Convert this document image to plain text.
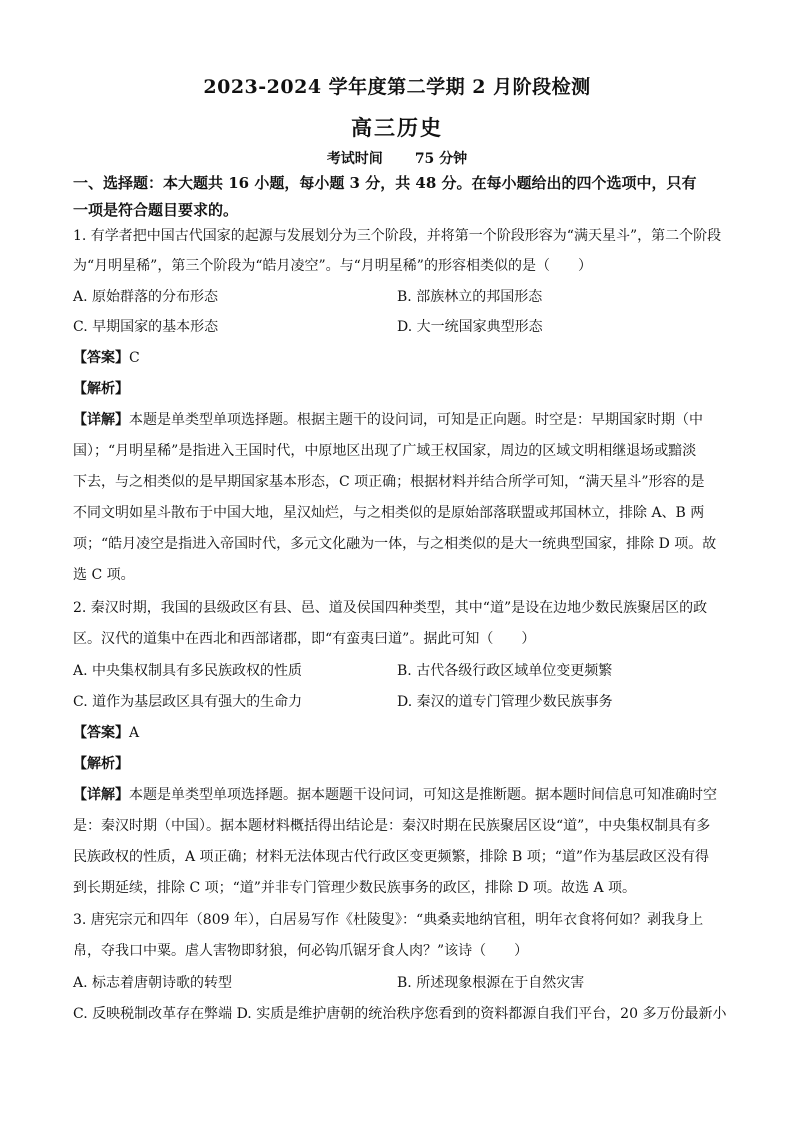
2023-2024 学年度第二学期 2 月阶段检测
高三历史
考试时间 75 分钟
一、选择题：本大题共 16 小题，每小题 3 分，共 48 分。在每小题给出的四个选项中，只有
一项是符合题目要求的。
1. 有学者把中国古代国家的起源与发展划分为三个阶段，并将第一个阶段形容为“满天星斗”，第二个阶段
为“月明星稀”，第三个阶段为“皓月凌空”。与“月明星稀”的形容相类似的是（　　）
A. 原始群落的分布形态	B. 部族林立的邦国形态
C. 早期国家的基本形态	D. 大一统国家典型形态
【答案】C
【解析】
【详解】本题是单类型单项选择题。根据主题干的设问词，可知是正向题。时空是：早期国家时期（中
国）；“月明星稀”是指进入王国时代，中原地区出现了广域王权国家，周边的区域文明相继退场或黯淡
下去，与之相类似的是早期国家基本形态，C 项正确；根据材料并结合所学可知，“满天星斗”形容的是
不同文明如星斗散布于中国大地，星汉灿烂，与之相类似的是原始部落联盟或邦国林立，排除 A、B 两
项；“皓月凌空是指进入帝国时代，多元文化融为一体，与之相类似的是大一统典型国家，排除 D 项。故
选 C 项。
2. 秦汉时期，我国的县级政区有县、邑、道及侯国四种类型，其中“道”是设在边地少数民族聚居区的政
区。汉代的道集中在西北和西部诸郡，即“有蛮夷曰道”。据此可知（　　）
A. 中央集权制具有多民族政权的性质	B. 古代各级行政区域单位变更频繁
C. 道作为基层政区具有强大的生命力	D. 秦汉的道专门管理少数民族事务
【答案】A
【解析】
【详解】本题是单类型单项选择题。据本题题干设问词，可知这是推断题。据本题时间信息可知准确时空
是：秦汉时期（中国）。据本题材料概括得出结论是：秦汉时期在民族聚居区设“道”，中央集权制具有多
民族政权的性质，A 项正确；材料无法体现古代行政区变更频繁，排除 B 项；“道”作为基层政区没有得
到长期延续，排除 C 项；“道”并非专门管理少数民族事务的政区，排除 D 项。故选 A 项。
3. 唐宪宗元和四年（809 年），白居易写作《杜陵叟》：“典桑卖地纳官租，明年衣食将何如？剥我身上
帛，夺我口中粟。虐人害物即豺狼，何必钩爪锯牙食人肉？”该诗（　　）
A. 标志着唐朝诗歌的转型	B. 所述现象根源在于自然灾害
C. 反映税制改革存在弊端 D. 实质是维护唐朝的统治秩序您看到的资料都源自我们平台，20 多万份最新小
